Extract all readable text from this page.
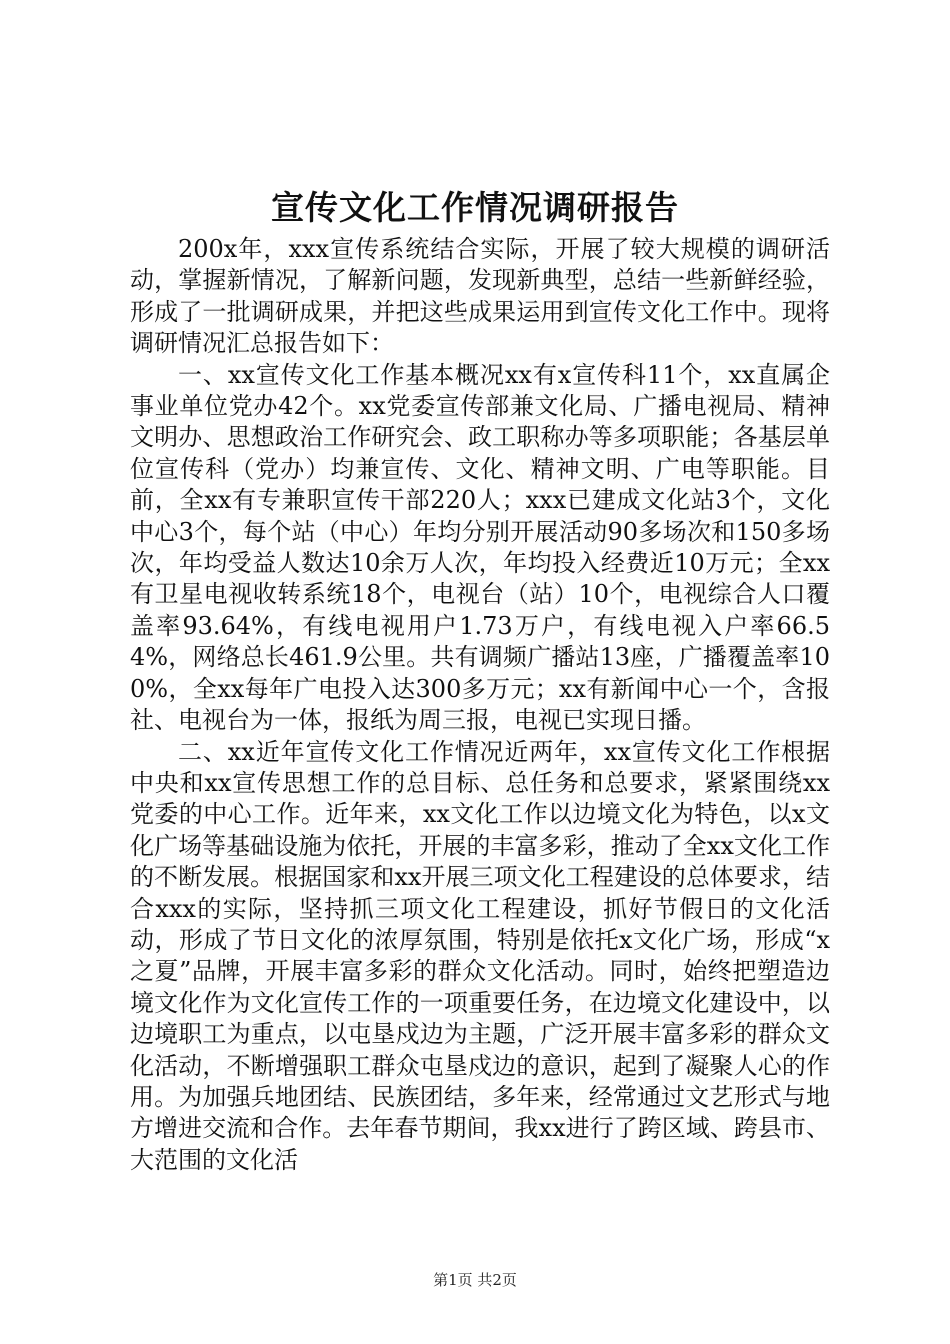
宣传文化工作情况调研报告

200x年，xxx宣传系统结合实际，开展了较大规模的调研活动，掌握新情况，了解新问题，发现新典型，总结一些新鲜经验，形成了一批调研成果，并把这些成果运用到宣传文化工作中。现将调研情况汇总报告如下：

一、xx宣传文化工作基本概况xx有x宣传科11个，xx直属企事业单位党办42个。xx党委宣传部兼文化局、广播电视局、精神文明办、思想政治工作研究会、政工职称办等多项职能；各基层单位宣传科（党办）均兼宣传、文化、精神文明、广电等职能。目前，全xx有专兼职宣传干部220人；xxx已建成文化站3个，文化中心3个，每个站（中心）年均分别开展活动90多场次和150多场次，年均受益人数达10余万人次，年均投入经费近10万元；全xx有卫星电视收转系统18个，电视台（站）10个，电视综合人口覆盖率93.64%，有线电视用户1.73万户，有线电视入户率66.54%，网络总长461.9公里。共有调频广播站13座，广播覆盖率100%，全xx每年广电投入达300多万元；xx有新闻中心一个，含报社、电视台为一体，报纸为周三报，电视已实现日播。

二、xx近年宣传文化工作情况近两年，xx宣传文化工作根据中央和xx宣传思想工作的总目标、总任务和总要求，紧紧围绕xx党委的中心工作。近年来，xx文化工作以边境文化为特色，以x文化广场等基础设施为依托，开展的丰富多彩，推动了全xx文化工作的不断发展。根据国家和xx开展三项文化工程建设的总体要求，结合xxx的实际，坚持抓三项文化工程建设，抓好节假日的文化活动，形成了节日文化的浓厚氛围，特别是依托x文化广场，形成“x之夏”品牌，开展丰富多彩的群众文化活动。同时，始终把塑造边境文化作为文化宣传工作的一项重要任务，在边境文化建设中，以边境职工为重点，以屯垦戍边为主题，广泛开展丰富多彩的群众文化活动，不断增强职工群众屯垦戍边的意识，起到了凝聚人心的作用。为加强兵地团结、民族团结，多年来，经常通过文艺形式与地方增进交流和合作。去年春节期间，我xx进行了跨区域、跨县市、大范围的文化活

第1页 共2页
